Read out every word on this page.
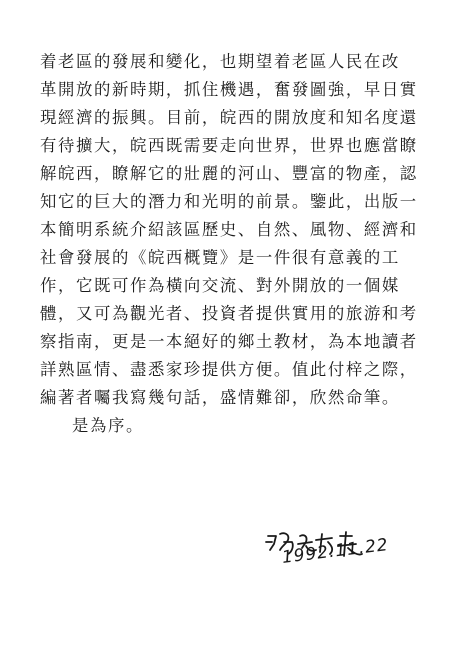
着老區的發展和變化，也期望着老區人民在改
革開放的新時期，抓住機遇，奮發圖強，早日實
現經濟的振興。目前，皖西的開放度和知名度還
有待擴大，皖西既需要走向世界，世界也應當瞭
解皖西，瞭解它的壯麗的河山、豐富的物產，認
知它的巨大的潛力和光明的前景。鑒此，出版一
本簡明系統介紹該區歷史、自然、風物、經濟和
社會發展的《皖西概覽》是一件很有意義的工
作，它既可作為橫向交流、對外開放的一個媒
體，又可為觀光者、投資者提供實用的旅游和考
察指南，更是一本絕好的鄉土教材，為本地讀者
詳熟區情、盡悉家珍提供方便。值此付梓之際，
編著者囑我寫幾句話，盛情難卻，欣然命筆。
是為序。
1992.11.22
